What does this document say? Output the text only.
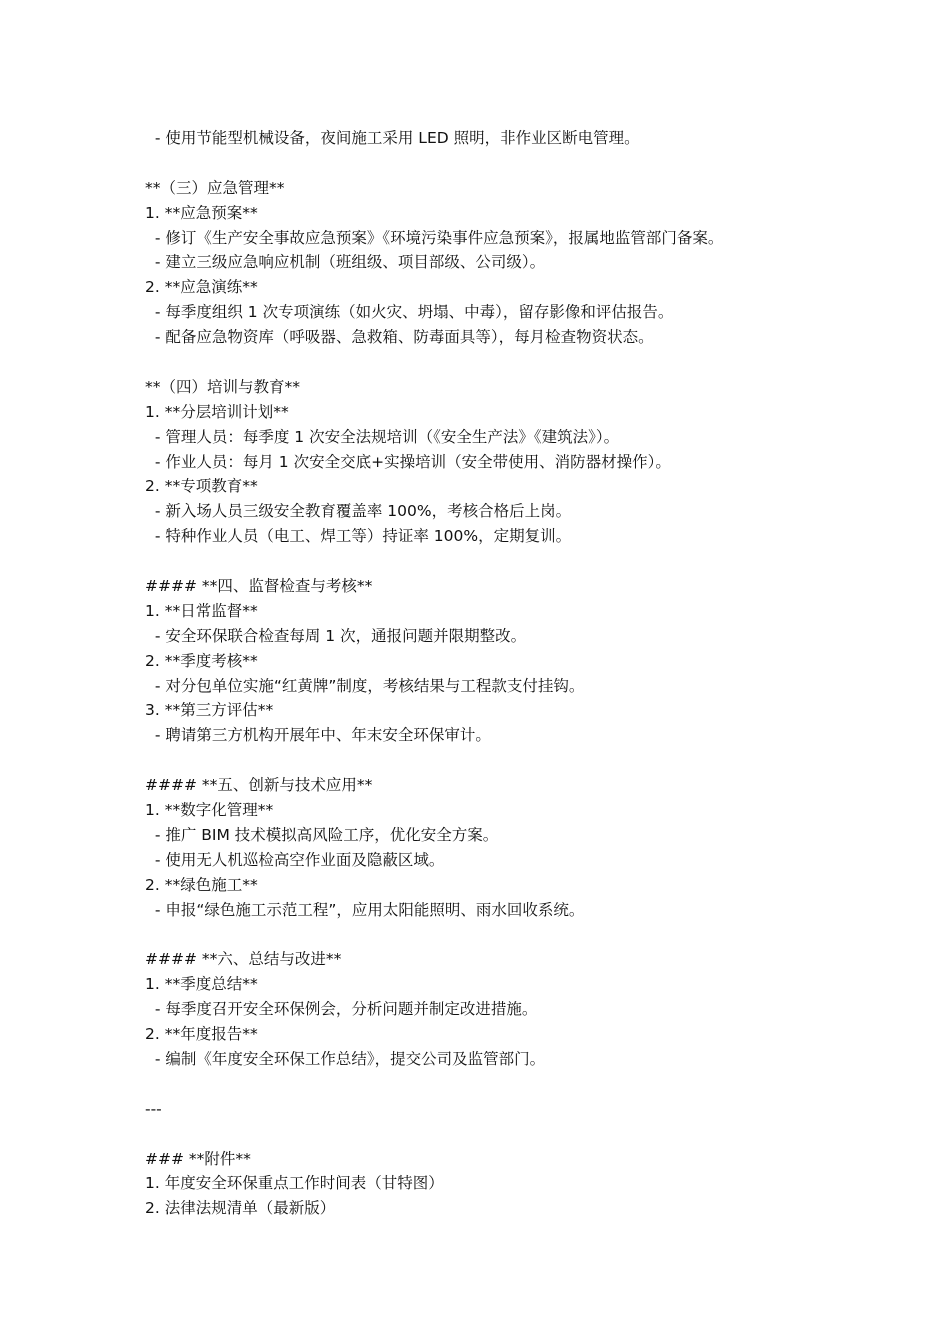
- 使用节能型机械设备，夜间施工采用 LED 照明，非作业区断电管理。
**（三）应急管理**
1. **应急预案**
- 修订《生产安全事故应急预案》《环境污染事件应急预案》，报属地监管部门备案。
- 建立三级应急响应机制（班组级、项目部级、公司级）。
2. **应急演练**
- 每季度组织 1 次专项演练（如火灾、坍塌、中毒），留存影像和评估报告。
- 配备应急物资库（呼吸器、急救箱、防毒面具等），每月检查物资状态。
**（四）培训与教育**
1. **分层培训计划**
- 管理人员：每季度 1 次安全法规培训（《安全生产法》《建筑法》）。
- 作业人员：每月 1 次安全交底+实操培训（安全带使用、消防器材操作）。
2. **专项教育**
- 新入场人员三级安全教育覆盖率 100%，考核合格后上岗。
- 特种作业人员（电工、焊工等）持证率 100%，定期复训。
#### **四、监督检查与考核**
1. **日常监督**
- 安全环保联合检查每周 1 次，通报问题并限期整改。
2. **季度考核**
- 对分包单位实施“红黄牌”制度，考核结果与工程款支付挂钩。
3. **第三方评估**
- 聘请第三方机构开展年中、年末安全环保审计。
#### **五、创新与技术应用**
1. **数字化管理**
- 推广 BIM 技术模拟高风险工序，优化安全方案。
- 使用无人机巡检高空作业面及隐蔽区域。
2. **绿色施工**
- 申报“绿色施工示范工程”，应用太阳能照明、雨水回收系统。
#### **六、总结与改进**
1. **季度总结**
- 每季度召开安全环保例会，分析问题并制定改进措施。
2. **年度报告**
- 编制《年度安全环保工作总结》，提交公司及监管部门。
---
### **附件**
1. 年度安全环保重点工作时间表（甘特图）
2. 法律法规清单（最新版）
